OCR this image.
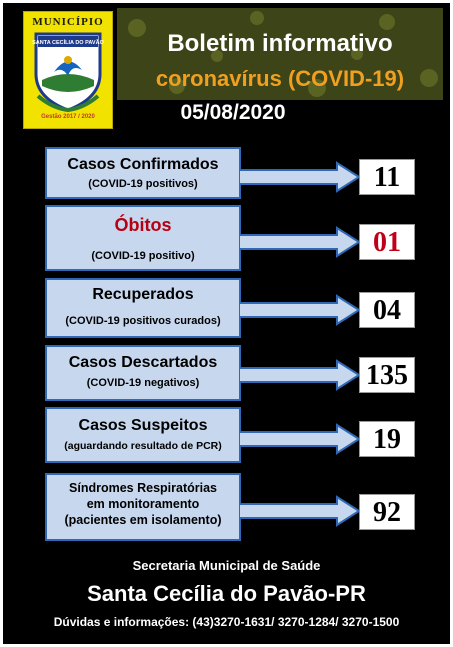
MUNICÍPIO
SANTA CECÍLIA DO PAVÃO
Gestão 2017 / 2020
Boletim informativo
coronavírus (COVID-19)
05/08/2020
Casos Confirmados
(COVID-19 positivos)	11
Óbitos
(COVID-19 positivo)	01
Recuperados
(COVID-19 positivos curados)	04
Casos Descartados
(COVID-19 negativos)	135
Casos Suspeitos
(aguardando resultado de PCR)	19
Síndromes Respiratórias
em monitoramento
(pacientes em isolamento)	92
Secretaria Municipal de Saúde
Santa Cecília do Pavão-PR
Dúvidas e informações: (43)3270-1631/ 3270-1284/ 3270-1500
